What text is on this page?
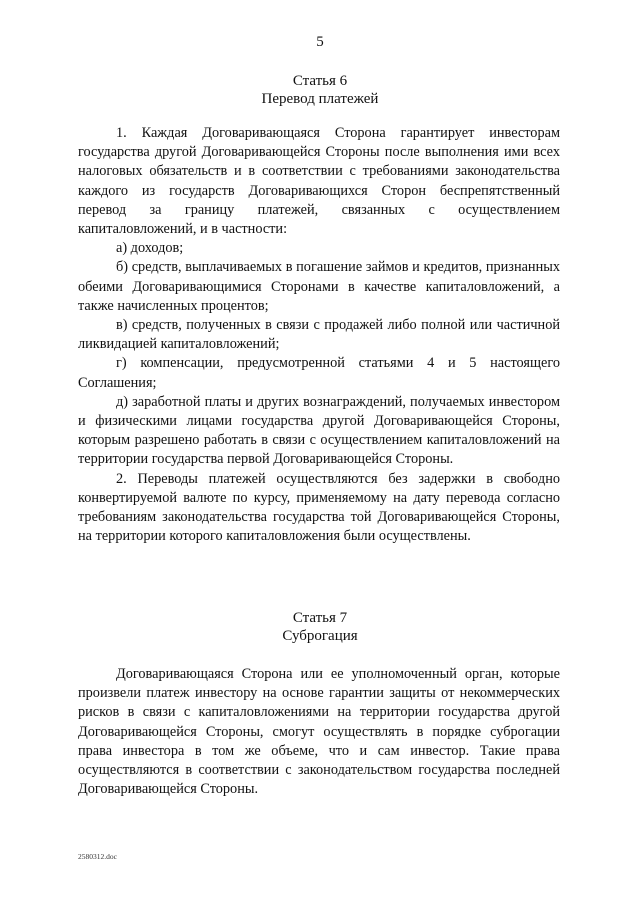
5
Статья 6
Перевод платежей

1. Каждая Договаривающаяся Сторона гарантирует инвесторам государства другой Договаривающейся Стороны после выполнения ими всех налоговых обязательств и в соответствии с требованиями законодательства каждого из государств Договаривающихся Сторон беспрепятственный перевод за границу платежей, связанных с осуществлением капиталовложений, и в частности:

а) доходов;

б) средств, выплачиваемых в погашение займов и кредитов, признанных обеими Договаривающимися Сторонами в качестве капиталовложений, а также начисленных процентов;

в) средств, полученных в связи с продажей либо полной или частичной ликвидацией капиталовложений;

г) компенсации, предусмотренной статьями 4 и 5 настоящего Соглашения;

д) заработной платы и других вознаграждений, получаемых инвестором и физическими лицами государства другой Договаривающейся Стороны, которым разрешено работать в связи с осуществлением капиталовложений на территории государства первой Договаривающейся Стороны.

2. Переводы платежей осуществляются без задержки в свободно конвертируемой валюте по курсу, применяемому на дату перевода согласно требованиям законодательства государства той Договаривающейся Стороны, на территории которого капиталовложения были осуществлены.

Статья 7
Суброгация

Договаривающаяся Сторона или ее уполномоченный орган, которые произвели платеж инвестору на основе гарантии защиты от некоммерческих рисков в связи с капиталовложениями на территории государства другой Договаривающейся Стороны, смогут осуществлять в порядке суброгации права инвестора в том же объеме, что и сам инвестор. Такие права осуществляются в соответствии с законодательством государства последней Договаривающейся Стороны.

2580312.doc
